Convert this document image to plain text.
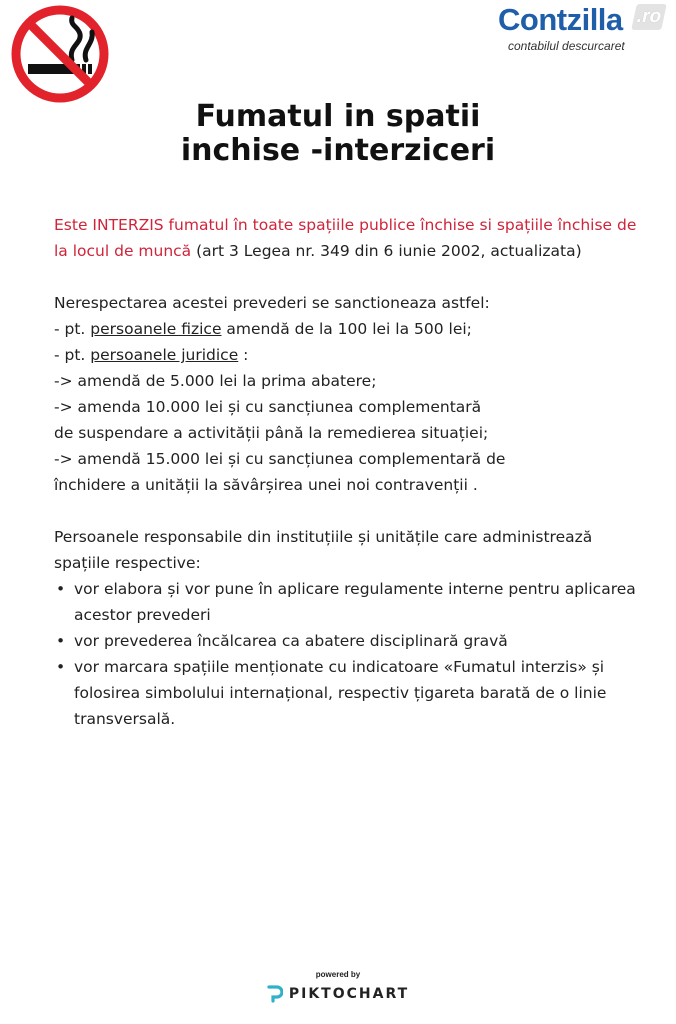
Contzilla .ro
contabilul descurcaret
Fumatul in spatii
inchise -interziceri

Este INTERZIS fumatul în toate spațiile publice închise si spațiile închise de la locul de muncă (art 3 Legea nr. 349 din 6 iunie 2002, actualizata)

Nerespectarea acestei prevederi se sanctioneaza astfel:

- pt. persoanele fizice amendă de la 100 lei la 500 lei;

- pt. persoanele juridice :

-> amendă de 5.000 lei la prima abatere;

-> amenda 10.000 lei și cu sancțiunea complementară

de suspendare a activității până la remedierea situației;

-> amendă 15.000 lei și cu sancțiunea complementară de

închidere a unității la săvârșirea unei noi contravenții .

Persoanele responsabile din instituțiile și unitățile care administrează spațiile respective:

• vor elabora și vor pune în aplicare regulamente interne pentru aplicarea acestor prevederi
• vor prevederea încălcarea ca abatere disciplinară gravă
• vor marcara spațiile menționate cu indicatoare «Fumatul interzis» și folosirea simbolului internațional, respectiv țigareta barată de o linie transversală.
powered by
PIKTOCHART
